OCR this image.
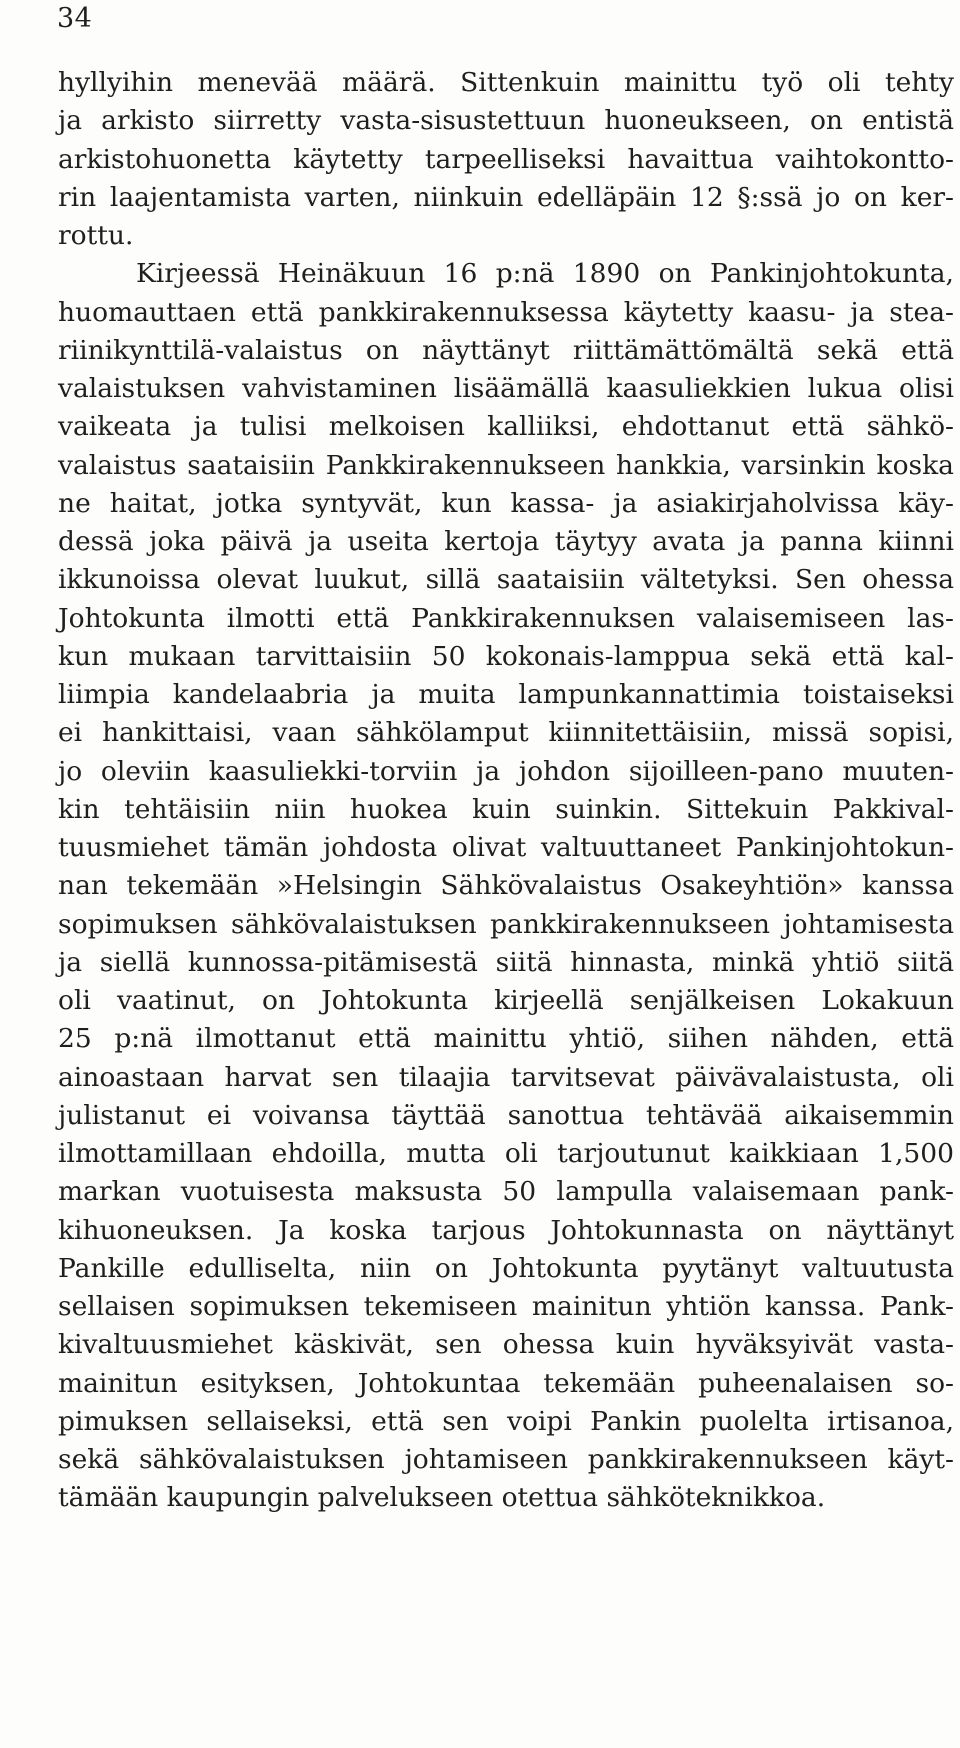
34
hyllyihin menevää määrä. Sittenkuin mainittu työ oli tehty
ja arkisto siirretty vasta-sisustettuun huoneukseen, on entistä
arkistohuonetta käytetty tarpeelliseksi havaittua vaihtokontto-
rin laajentamista varten, niinkuin edelläpäin 12 §:ssä jo on ker-
rottu.
Kirjeessä Heinäkuun 16 p:nä 1890 on Pankinjohtokunta,
huomauttaen että pankkirakennuksessa käytetty kaasu- ja stea-
riinikynttilä-valaistus on näyttänyt riittämättömältä sekä että
valaistuksen vahvistaminen lisäämällä kaasuliekkien lukua olisi
vaikeata ja tulisi melkoisen kalliiksi, ehdottanut että sähkö-
valaistus saataisiin Pankkirakennukseen hankkia, varsinkin koska
ne haitat, jotka syntyvät, kun kassa- ja asiakirjaholvissa käy-
dessä joka päivä ja useita kertoja täytyy avata ja panna kiinni
ikkunoissa olevat luukut, sillä saataisiin vältetyksi. Sen ohessa
Johtokunta ilmotti että Pankkirakennuksen valaisemiseen las-
kun mukaan tarvittaisiin 50 kokonais-lamppua sekä että kal-
liimpia kandelaabria ja muita lampunkannattimia toistaiseksi
ei hankittaisi, vaan sähkölamput kiinnitettäisiin, missä sopisi,
jo oleviin kaasuliekki-torviin ja johdon sijoilleen-pano muuten-
kin tehtäisiin niin huokea kuin suinkin. Sittekuin Pakkival-
tuusmiehet tämän johdosta olivat valtuuttaneet Pankinjohtokun-
nan tekemään »Helsingin Sähkövalaistus Osakeyhtiön» kanssa
sopimuksen sähkövalaistuksen pankkirakennukseen johtamisesta
ja siellä kunnossa-pitämisestä siitä hinnasta, minkä yhtiö siitä
oli vaatinut, on Johtokunta kirjeellä senjälkeisen Lokakuun
25 p:nä ilmottanut että mainittu yhtiö, siihen nähden, että
ainoastaan harvat sen tilaajia tarvitsevat päivävalaistusta, oli
julistanut ei voivansa täyttää sanottua tehtävää aikaisemmin
ilmottamillaan ehdoilla, mutta oli tarjoutunut kaikkiaan 1,500
markan vuotuisesta maksusta 50 lampulla valaisemaan pank-
kihuoneuksen. Ja koska tarjous Johtokunnasta on näyttänyt
Pankille edulliselta, niin on Johtokunta pyytänyt valtuutusta
sellaisen sopimuksen tekemiseen mainitun yhtiön kanssa. Pank-
kivaltuusmiehet käskivät, sen ohessa kuin hyväksyivät vasta-
mainitun esityksen, Johtokuntaa tekemään puheenalaisen so-
pimuksen sellaiseksi, että sen voipi Pankin puolelta irtisanoa,
sekä sähkövalaistuksen johtamiseen pankkirakennukseen käyt-
tämään kaupungin palvelukseen otettua sähköteknikkoa.
